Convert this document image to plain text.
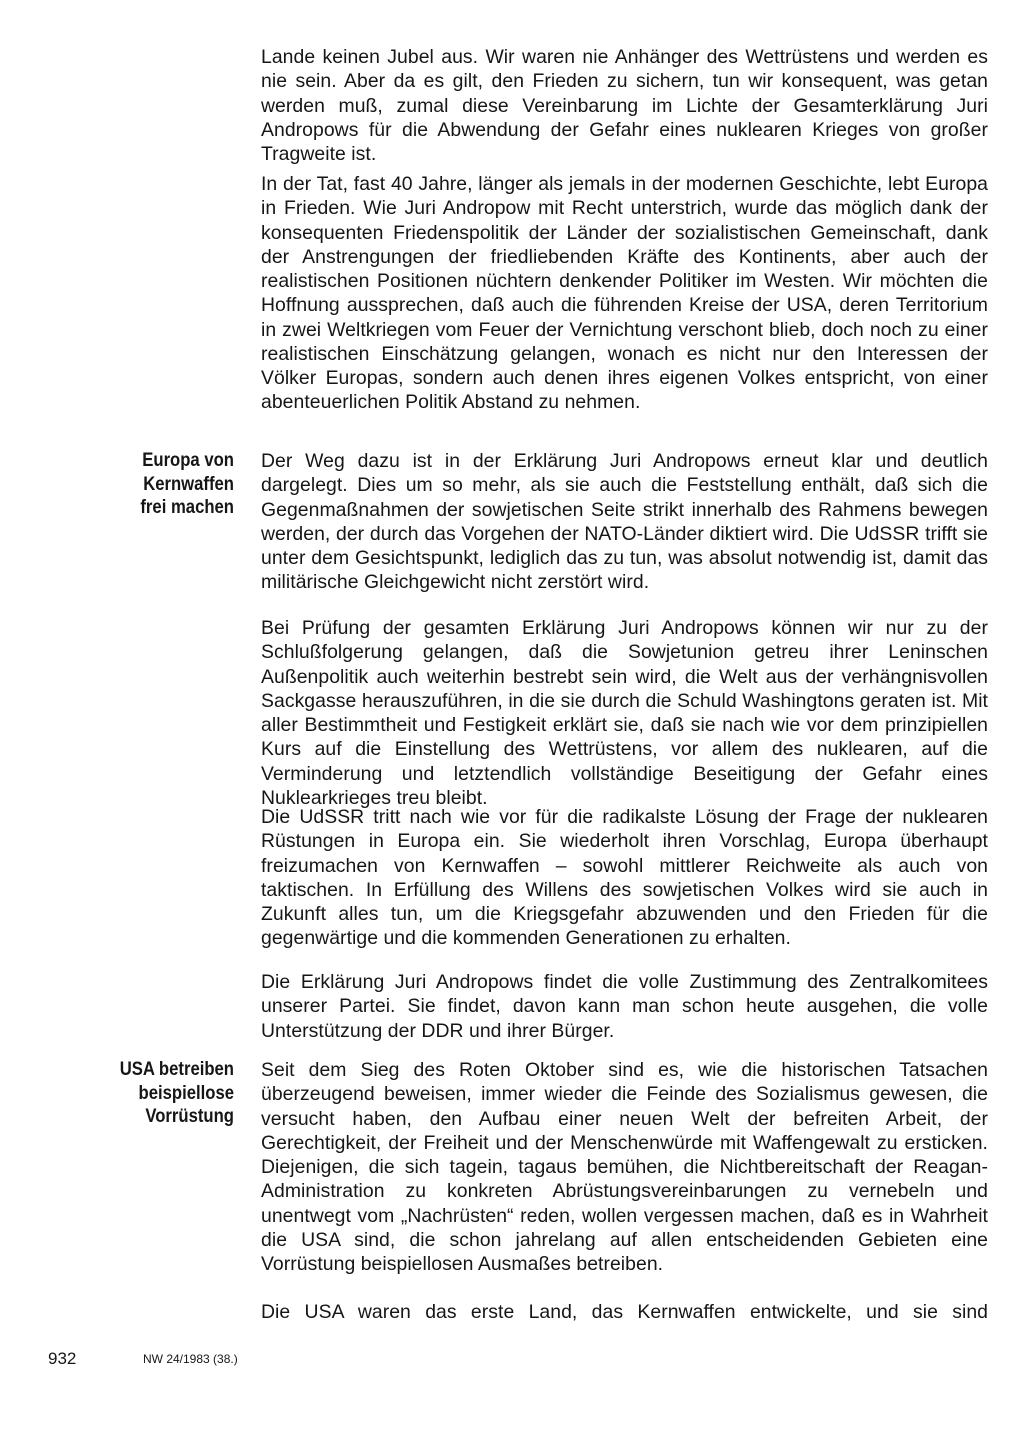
Lande keinen Jubel aus. Wir waren nie Anhänger des Wettrüstens und werden es nie sein. Aber da es gilt, den Frieden zu sichern, tun wir konsequent, was getan werden muß, zumal diese Vereinbarung im Lichte der Gesamterklärung Juri Andropows für die Abwendung der Gefahr eines nuklearen Krieges von großer Tragweite ist.

In der Tat, fast 40 Jahre, länger als jemals in der modernen Geschichte, lebt Europa in Frieden. Wie Juri Andropow mit Recht unterstrich, wurde das möglich dank der konsequenten Friedenspolitik der Länder der sozialistischen Gemeinschaft, dank der Anstrengungen der friedliebenden Kräfte des Kontinents, aber auch der realistischen Positionen nüchtern denkender Politiker im Westen. Wir möchten die Hoffnung aussprechen, daß auch die führenden Kreise der USA, deren Territorium in zwei Weltkriegen vom Feuer der Vernichtung verschont blieb, doch noch zu einer realistischen Einschätzung gelangen, wonach es nicht nur den Interessen der Völker Europas, sondern auch denen ihres eigenen Volkes entspricht, von einer abenteuerlichen Politik Abstand zu nehmen.

Europa von
Kernwaffen
frei machen

Der Weg dazu ist in der Erklärung Juri Andropows erneut klar und deutlich dargelegt. Dies um so mehr, als sie auch die Feststellung enthält, daß sich die Gegenmaßnahmen der sowjetischen Seite strikt innerhalb des Rahmens bewegen werden, der durch das Vorgehen der NATO-Länder diktiert wird. Die UdSSR trifft sie unter dem Gesichtspunkt, lediglich das zu tun, was absolut notwendig ist, damit das militärische Gleichgewicht nicht zerstört wird.

Bei Prüfung der gesamten Erklärung Juri Andropows können wir nur zu der Schlußfolgerung gelangen, daß die Sowjetunion getreu ihrer Leninschen Außenpolitik auch weiterhin bestrebt sein wird, die Welt aus der verhängnisvollen Sackgasse herauszuführen, in die sie durch die Schuld Washingtons geraten ist. Mit aller Bestimmtheit und Festigkeit erklärt sie, daß sie nach wie vor dem prinzipiellen Kurs auf die Einstellung des Wettrüstens, vor allem des nuklearen, auf die Verminderung und letztendlich vollständige Beseitigung der Gefahr eines Nuklearkrieges treu bleibt.

Die UdSSR tritt nach wie vor für die radikalste Lösung der Frage der nuklearen Rüstungen in Europa ein. Sie wiederholt ihren Vorschlag, Europa überhaupt freizumachen von Kernwaffen – sowohl mittlerer Reichweite als auch von taktischen. In Erfüllung des Willens des sowjetischen Volkes wird sie auch in Zukunft alles tun, um die Kriegsgefahr abzuwenden und den Frieden für die gegenwärtige und die kommenden Generationen zu erhalten.

Die Erklärung Juri Andropows findet die volle Zustimmung des Zentralkomitees unserer Partei. Sie findet, davon kann man schon heute ausgehen, die volle Unterstützung der DDR und ihrer Bürger.

USA betreiben
beispiellose
Vorrüstung

Seit dem Sieg des Roten Oktober sind es, wie die historischen Tatsachen überzeugend beweisen, immer wieder die Feinde des Sozialismus gewesen, die versucht haben, den Aufbau einer neuen Welt der befreiten Arbeit, der Gerechtigkeit, der Freiheit und der Menschenwürde mit Waffengewalt zu ersticken. Diejenigen, die sich tagein, tagaus bemühen, die Nichtbereitschaft der Reagan-Administration zu konkreten Abrüstungsvereinbarungen zu vernebeln und unentwegt vom „Nachrüsten“ reden, wollen vergessen machen, daß es in Wahrheit die USA sind, die schon jahrelang auf allen entscheidenden Gebieten eine Vorrüstung beispiellosen Ausmaßes betreiben.

Die USA waren das erste Land, das Kernwaffen entwickelte, und sie sind

932	NW 24/1983 (38.)
